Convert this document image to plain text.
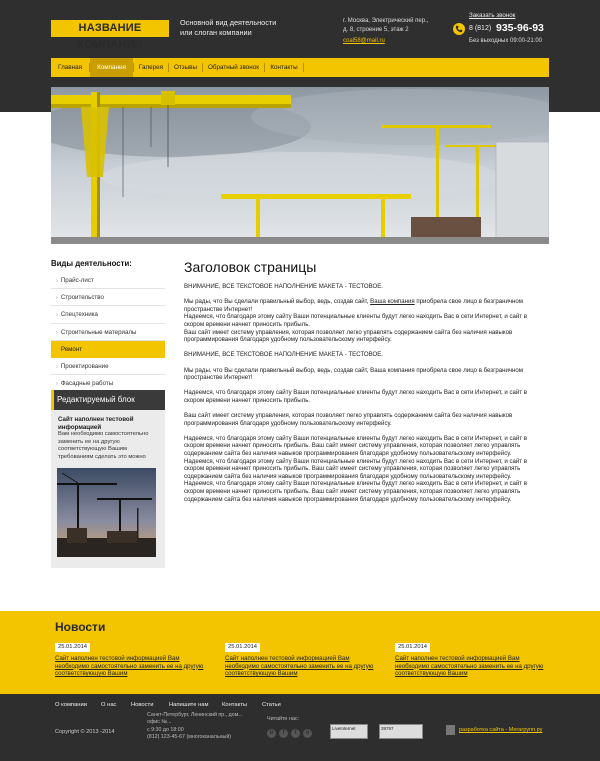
НАЗВАНИЕ КОМПАНИИ
Основной вид деятельности
или слоган компании
г. Москва, Электрический пер.,
д. 8, строение 5, этаж 2
coal58@mail.ru
Заказать звонок
8 (812) 935-96-93
Без выходных 09:00-21:00
Главная	Компания	Галерея	Отзывы	Обратный звонок	Контакты
Виды деятельности:
› Прайс-лист
› Строительство
› Спецтехника
› Строительные материалы
Ремонт
› Проектирование
› Фасадные работы
Редактируемый блок
Сайт наполнен тестовой информацией
Вам необходимо самостоятельно заменить ее на другую соответствующую Вашим требованиям сделать это можно
Заголовок страницы

ВНИМАНИЕ, ВСЕ ТЕКСТОВОЕ НАПОЛНЕНИЕ МАКЕТА - ТЕСТОВОЕ.

Мы рады, что Вы сделали правильный выбор, ведь, создав сайт, Ваша компания приобрела свое лицо в безграничном пространстве Интернет!
Надеемся, что благодаря этому сайту Ваши потенциальные клиенты будут легко находить Вас в сети Интернет, и сайт в скором времени начнет приносить прибыль.
Ваш сайт имеет систему управления, которая позволяет легко управлять содержанием сайта без наличия навыков программирования благодаря удобному пользовательскому интерфейсу.

ВНИМАНИЕ, ВСЕ ТЕКСТОВОЕ НАПОЛНЕНИЕ МАКЕТА - ТЕСТОВОЕ.

Мы рады, что Вы сделали правильный выбор, ведь, создав сайт, Ваша компания приобрела свое лицо в безграничном пространстве Интернет!

Надеемся, что благодаря этому сайту Ваши потенциальные клиенты будут легко находить Вас в сети Интернет, и сайт в скором времени начнет приносить прибыль.

Ваш сайт имеет систему управления, которая позволяет легко управлять содержанием сайта без наличия навыков программирования благодаря удобному пользовательскому интерфейсу.

Надеемся, что благодаря этому сайту Ваши потенциальные клиенты будут легко находить Вас в сети Интернет, и сайт в скором времени начнет приносить прибыль. Ваш сайт имеет систему управления, которая позволяет легко управлять содержанием сайта без наличия навыков программирования благодаря удобному пользовательскому интерфейсу. Надеемся, что благодаря этому сайту Ваши потенциальные клиенты будут легко находить Вас в сети Интернет, и сайт в скором времени начнет приносить прибыль. Ваш сайт имеет систему управления, которая позволяет легко управлять содержанием сайта без наличия навыков программирования благодаря удобному пользовательскому интерфейсу. Надеемся, что благодаря этому сайту Ваши потенциальные клиенты будут легко находить Вас в сети Интернет, и сайт в скором времени начнет приносить прибыль. Ваш сайт имеет систему управления, которая позволяет легко управлять содержанием сайта без наличия навыков программирования благодаря удобному пользовательскому интерфейсу.

Новости
25.01.2014
Сайт наполнен тестовой информацией Вам необходимо самостоятельно заменить ее на другую соответствующую Вашим
25.01.2014
Сайт наполнен тестовой информацией Вам необходимо самостоятельно заменить ее на другую соответствующую Вашим
25.01.2014
Сайт наполнен тестовой информацией Вам необходимо самостоятельно заменить ее на другую соответствующую Вашим
О компании О нас	Новости	Напишите нам Контакты	Статьи
Copyright © 2013 -2014
Санкт-Петербург, Ленинский пр., дом...
офис №...
с 9:30 до 18:00
(812) 123-45-67 (многоканальный)
Читайте нас:
в	f	t	o
LiveInternet	39797	разработка сайта - Мегагрупп.ру
